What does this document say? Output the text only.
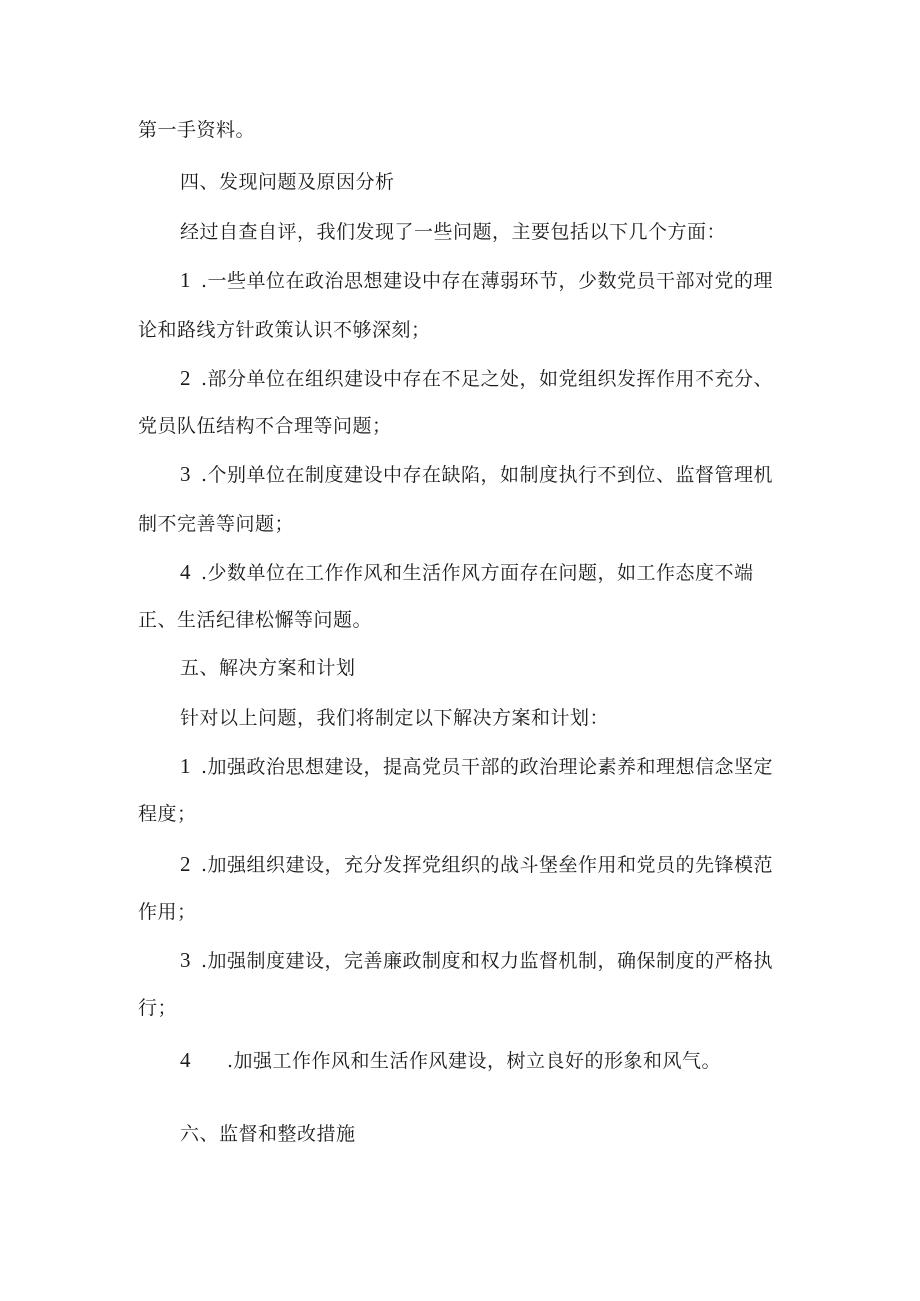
第一手资料。
四、发现问题及原因分析
经过自查自评，我们发现了一些问题，主要包括以下几个方面：
1 .一些单位在政治思想建设中存在薄弱环节，少数党员干部对党的理
论和路线方针政策认识不够深刻；
2 .部分单位在组织建设中存在不足之处，如党组织发挥作用不充分、
党员队伍结构不合理等问题；
3 .个别单位在制度建设中存在缺陷，如制度执行不到位、监督管理机
制不完善等问题；
4 .少数单位在工作作风和生活作风方面存在问题，如工作态度不端
正、生活纪律松懈等问题。
五、解决方案和计划
针对以上问题，我们将制定以下解决方案和计划：
1 .加强政治思想建设，提高党员干部的政治理论素养和理想信念坚定
程度；
2 .加强组织建设，充分发挥党组织的战斗堡垒作用和党员的先锋模范
作用；
3 .加强制度建设，完善廉政制度和权力监督机制，确保制度的严格执
行；
4 .加强工作作风和生活作风建设，树立良好的形象和风气。
六、监督和整改措施
